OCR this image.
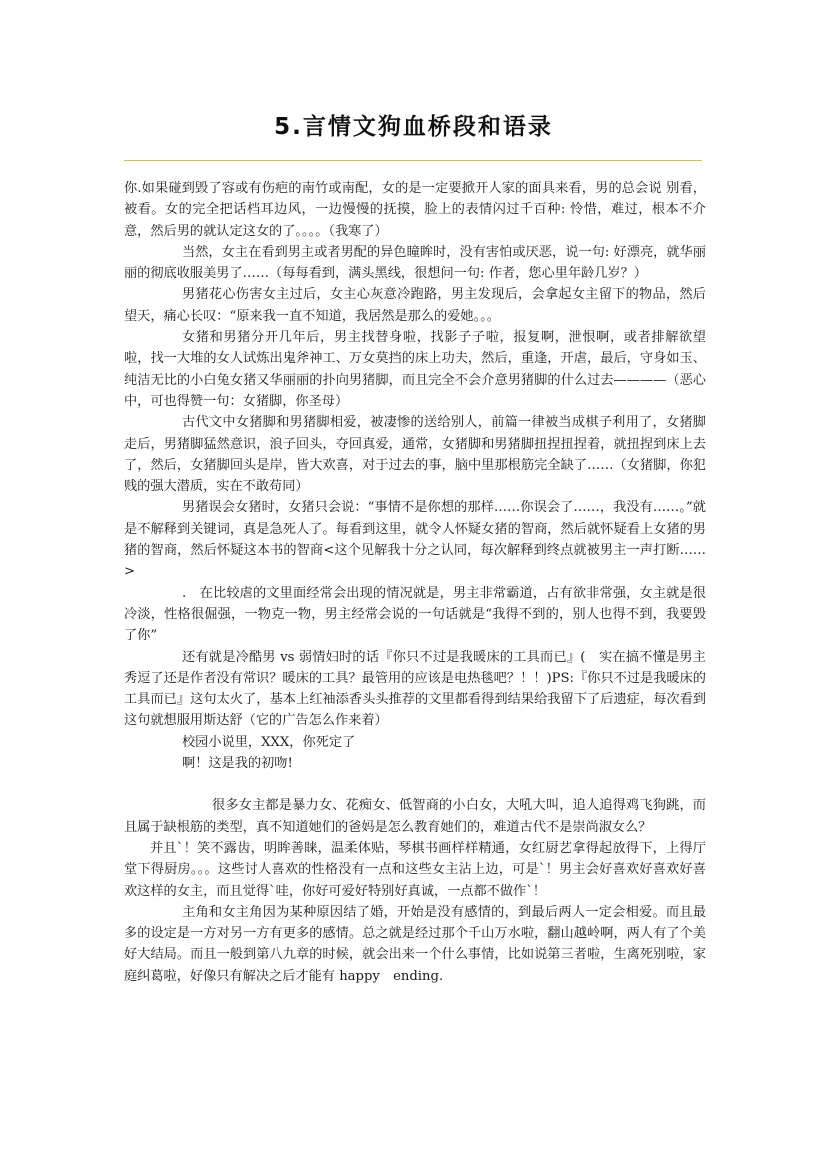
5.言情文狗血桥段和语录

你.如果碰到毁了容或有伤疤的南竹或南配，女的是一定要掀开人家的面具来看，男的总会说 别看，被看。女的完全把话档耳边风，一边慢慢的抚摸，脸上的表情闪过千百种: 怜惜，难过，根本不介意，然后男的就认定这女的了。。。。（我寒了）

当然，女主在看到男主或者男配的异色瞳眸时，没有害怕或厌恶，说一句: 好漂亮，就华丽丽的彻底收服美男了……（每每看到，满头黑线，很想问一句: 作者，您心里年龄几岁？）

男猪花心伤害女主过后，女主心灰意冷跑路，男主发现后，会拿起女主留下的物品，然后望天，痛心长叹：“原来我一直不知道，我居然是那么的爱她。。。

女猪和男猪分开几年后，男主找替身啦，找影子子啦，报复啊，泄恨啊，或者排解欲望啦，找一大堆的女人试炼出鬼斧神工、万女莫挡的床上功夫，然后，重逢，开虐，最后，守身如玉、纯洁无比的小白兔女猪又华丽丽的扑向男猪脚，而且完全不会介意男猪脚的什么过去————（恶心中，可也得赞一句：女猪脚，你圣母）

古代文中女猪脚和男猪脚相爱，被凄惨的送给别人，前篇一律被当成棋子利用了，女猪脚走后，男猪脚猛然意识，浪子回头，夺回真爱，通常，女猪脚和男猪脚扭捏扭捏着，就扭捏到床上去了，然后，女猪脚回头是岸，皆大欢喜，对于过去的事，脑中里那根筋完全缺了……（女猪脚，你犯贱的强大潜质，实在不敢苟同）

男猪误会女猪时，女猪只会说：“事情不是你想的那样……你误会了……，我没有……。”就是不解释到关键词，真是急死人了。每看到这里，就令人怀疑女猪的智商，然后就怀疑看上女猪的男猪的智商，然后怀疑这本书的智商<这个见解我十分之认同，每次解释到终点就被男主一声打断……>

.　在比较虐的文里面经常会出现的情况就是，男主非常霸道，占有欲非常强，女主就是很冷淡，性格很倔强，一物克一物，男主经常会说的一句话就是“我得不到的，别人也得不到，我要毁了你”

还有就是冷酷男 vs 弱情妇时的话『你只不过是我暖床的工具而已』(　实在搞不懂是男主秀逗了还是作者没有常识？暖床的工具？最管用的应该是电热毯吧？！！)PS:『你只不过是我暖床的工具而已』这句太火了，基本上红袖添香头头推荐的文里都看得到结果给我留下了后遗症，每次看到这句就想服用斯达舒（它的广告怎么作来着）

校园小说里，XXX，你死定了

啊！这是我的初吻!

很多女主都是暴力女、花痴女、低智商的小白女，大吼大叫，追人追得鸡飞狗跳，而且属于缺根筋的类型，真不知道她们的爸妈是怎么教育她们的，难道古代不是崇尚淑女么？

并且`！笑不露齿，明眸善睐，温柔体贴，琴棋书画样样精通，女红厨艺拿得起放得下，上得厅堂下得厨房。。。这些讨人喜欢的性格没有一点和这些女主沾上边，可是`！男主会好喜欢好喜欢好喜欢这样的女主，而且觉得`哇，你好可爱好特别好真诚，一点都不做作`！

主角和女主角因为某种原因结了婚，开始是没有感情的，到最后两人一定会相爱。而且最多的设定是一方对另一方有更多的感情。总之就是经过那个千山万水啦，翻山越岭啊，两人有了个美好大结局。而且一般到第八九章的时候，就会出来一个什么事情，比如说第三者啦，生离死别啦，家庭纠葛啦，好像只有解决之后才能有 happy　ending.
